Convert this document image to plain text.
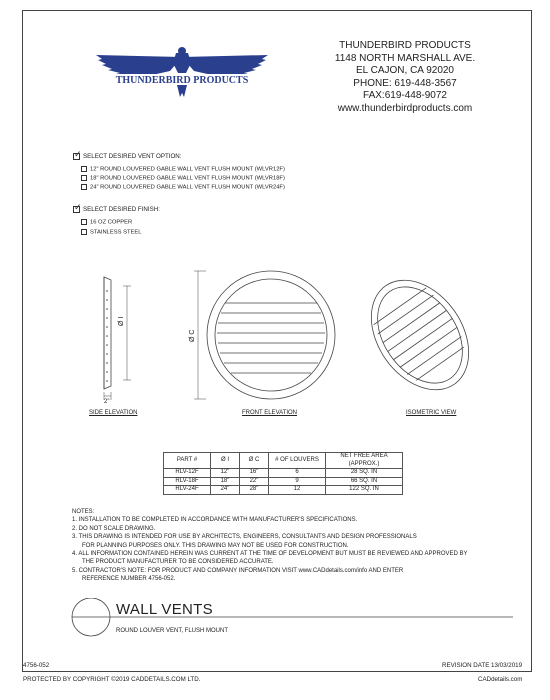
THUNDERBIRD PRODUCTS
THUNDERBIRD PRODUCTS
1148 NORTH MARSHALL AVE.
EL CAJON, CA 92020
PHONE: 619-448-3567
FAX:619-448-9072
www.thunderbirdproducts.com
✓ SELECT DESIRED VENT OPTION:
12" ROUND LOUVERED GABLE WALL VENT FLUSH MOUNT (WLVR12F)
18" ROUND LOUVERED GABLE WALL VENT FLUSH MOUNT (WLVR18F)
24" ROUND LOUVERED GABLE WALL VENT FLUSH MOUNT (WLVR24F)
✓ SELECT DESIRED FINISH:
16 OZ COPPER
STAINLESS STEEL
Ø I
Ø C
2"
SIDE ELEVATION	FRONT ELEVATION	ISOMETRIC VIEW
PART #	Ø I	Ø C	# OF LOUVERS	NET FREE AREA
				(APPROX.)
RLV-12F	12"	16"	6	28 SQ. IN
RLV-18F	18"	22"	9	66 SQ. IN
RLV-24F	24"	28"	12	122 SQ. IN
NOTES:
1. INSTALLATION TO BE COMPLETED IN ACCORDANCE WITH MANUFACTURER'S SPECIFICATIONS.
2. DO NOT SCALE DRAWING.
3. THIS DRAWING IS INTENDED FOR USE BY ARCHITECTS, ENGINEERS, CONSULTANTS AND DESIGN PROFESSIONALS
FOR PLANNING PURPOSES ONLY. THIS DRAWING MAY NOT BE USED FOR CONSTRUCTION.
4. ALL INFORMATION CONTAINED HEREIN WAS CURRENT AT THE TIME OF DEVELOPMENT BUT MUST BE REVIEWED AND APPROVED BY
THE PRODUCT MANUFACTURER TO BE CONSIDERED ACCURATE.
5. CONTRACTOR'S NOTE: FOR PRODUCT AND COMPANY INFORMATION VISIT www.CADdetails.com/info AND ENTER
REFERENCE NUMBER 4756-052.
WALL VENTS
ROUND LOUVER VENT, FLUSH MOUNT
4756-052	REVISION DATE 13/03/2019
PROTECTED BY COPYRIGHT ©2019 CADDETAILS.COM LTD.	CADdetails.com
